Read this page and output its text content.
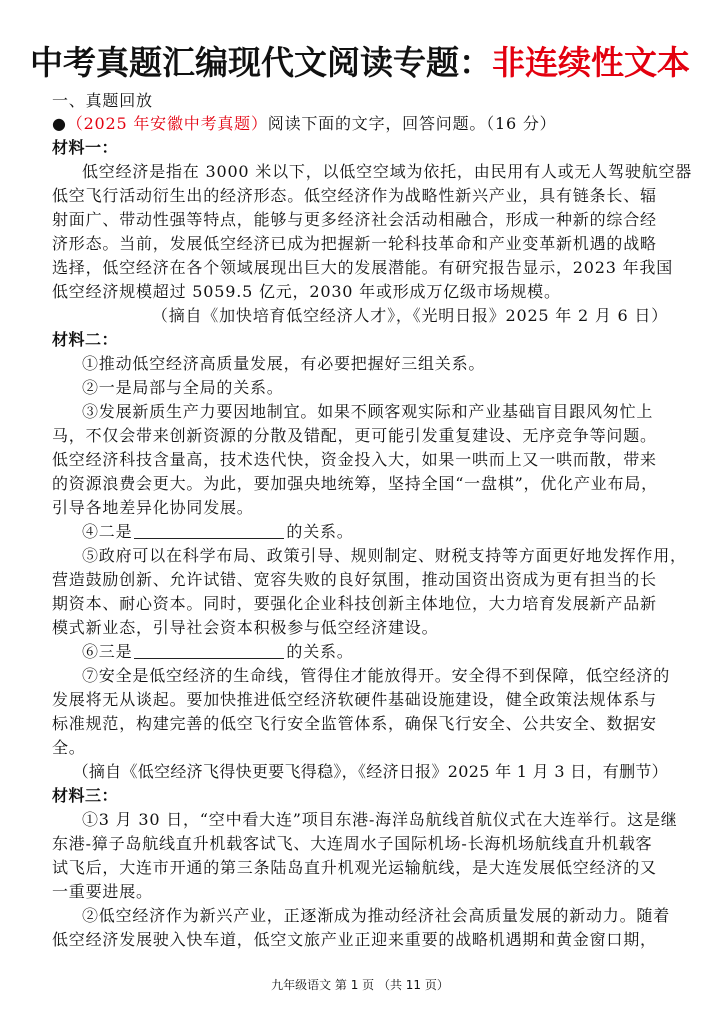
中考真题汇编现代文阅读专题：非连续性文本
一、真题回放
●（2025 年安徽中考真题）阅读下面的文字，回答问题。（16 分）
材料一：
低空经济是指在 3000 米以下，以低空空域为依托，由民用有人或无人驾驶航空器
低空飞行活动衍生出的经济形态。低空经济作为战略性新兴产业，具有链条长、辐
射面广、带动性强等特点，能够与更多经济社会活动相融合，形成一种新的综合经
济形态。当前，发展低空经济已成为把握新一轮科技革命和产业变革新机遇的战略
选择，低空经济在各个领域展现出巨大的发展潜能。有研究报告显示，2023 年我国
低空经济规模超过 5059.5 亿元，2030 年或形成万亿级市场规模。
（摘自《加快培育低空经济人才》，《光明日报》2025 年 2 月 6 日）
材料二：
①推动低空经济高质量发展，有必要把握好三组关系。
②一是局部与全局的关系。
③发展新质生产力要因地制宜。如果不顾客观实际和产业基础盲目跟风匆忙上
马，不仅会带来创新资源的分散及错配，更可能引发重复建设、无序竞争等问题。
低空经济科技含量高，技术迭代快，资金投入大，如果一哄而上又一哄而散，带来
的资源浪费会更大。为此，要加强央地统筹，坚持全国“一盘棋”，优化产业布局，
引导各地差异化协同发展。
④二是	的关系。
⑤政府可以在科学布局、政策引导、规则制定、财税支持等方面更好地发挥作用，
营造鼓励创新、允许试错、宽容失败的良好氛围，推动国资出资成为更有担当的长
期资本、耐心资本。同时，要强化企业科技创新主体地位，大力培育发展新产品新
模式新业态，引导社会资本积极参与低空经济建设。
⑥三是	的关系。
⑦安全是低空经济的生命线，管得住才能放得开。安全得不到保障，低空经济的
发展将无从谈起。要加快推进低空经济软硬件基础设施建设，健全政策法规体系与
标准规范，构建完善的低空飞行安全监管体系，确保飞行安全、公共安全、数据安
全。
（摘自《低空经济飞得快更要飞得稳》，《经济日报》2025 年 1 月 3 日，有删节）
材料三：
①3 月 30 日，“空中看大连”项目东港-海洋岛航线首航仪式在大连举行。这是继
东港-獐子岛航线直升机载客试飞、大连周水子国际机场-长海机场航线直升机载客
试飞后，大连市开通的第三条陆岛直升机观光运输航线，是大连发展低空经济的又
一重要进展。
②低空经济作为新兴产业，正逐渐成为推动经济社会高质量发展的新动力。随着
低空经济发展驶入快车道，低空文旅产业正迎来重要的战略机遇期和黄金窗口期，
九年级语文 第 1 页 （共 11 页）
